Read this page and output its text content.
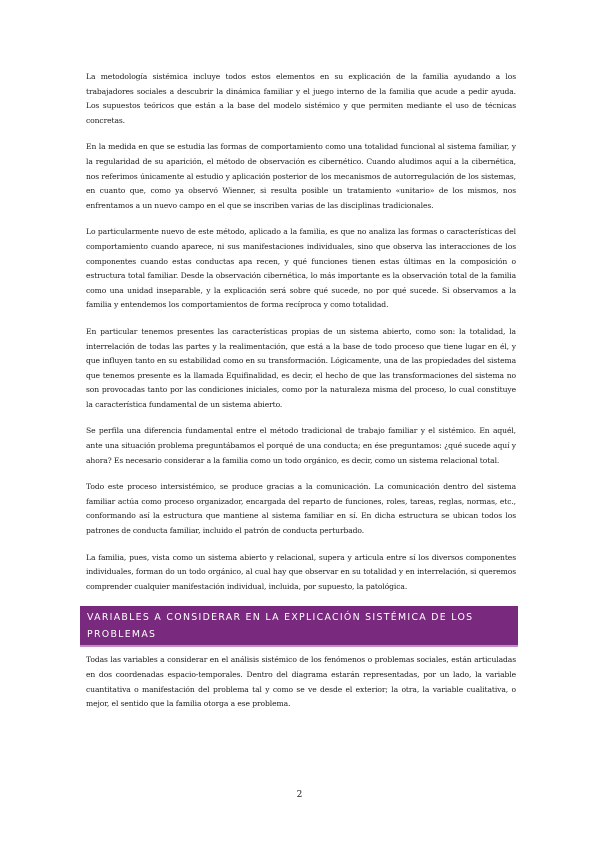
La metodología sistémica incluye todos estos elementos en su explicación de la familia ayudando a los trabajadores sociales a descubrir la dinámica familiar y el juego interno de la familia que acude a pedir ayuda. Los supuestos teóricos que están a la base del modelo sistémico y que permiten mediante el uso de técnicas concretas.

En la medida en que se estudia las formas de comportamiento como una totalidad funcional al sistema familiar, y la regularidad de su aparición, el método de observación es cibernético. Cuando aludimos aquí a la cibernética, nos referimos únicamente al estudio y aplicación posterior de los mecanismos de autorregulación de los sistemas, en cuanto que, como ya observó Wienner, si resulta posible un tratamiento «unitario» de los mismos, nos enfrentamos a un nuevo campo en el que se inscriben varias de las disciplinas tradicionales.

Lo particularmente nuevo de este método, aplicado a la familia, es que no analiza las formas o características del comportamiento cuando aparece, ni sus manifestaciones individuales, sino que observa las interacciones de los componentes cuando estas conductas apa recen, y qué funciones tienen estas últimas en la composición o estructura total familiar. Desde la observación cibernética, lo más importante es la observación total de la familia como una unidad inseparable, y la explicación será sobre qué sucede, no por qué sucede. Si observamos a la familia y entendemos los comportamientos de forma recíproca y como totalidad.

En particular tenemos presentes las características propias de un sistema abierto, como son: la totalidad, la interrelación de todas las partes y la realimentación, que está a la base de todo proceso que tiene lugar en él, y que influyen tanto en su estabilidad como en su transformación. Lógicamente, una de las propiedades del sistema que tenemos presente es la llamada Equifinalidad, es decir, el hecho de que las transformaciones del sistema no son provocadas tanto por las condiciones iniciales, como por la naturaleza misma del proceso, lo cual constituye la característica fundamental de un sistema abierto.

Se perfila una diferencia fundamental entre el método tradicional de trabajo familiar y el sistémico. En aquél, ante una situación problema preguntábamos el porqué de una conducta; en ése preguntamos: ¿qué sucede aquí y ahora? Es necesario considerar a la familia como un todo orgánico, es decir, como un sistema relacional total.

Todo este proceso intersistémico, se produce gracias a la comunicación. La comunicación dentro del sistema familiar actúa como proceso organizador, encargada del reparto de funciones, roles, tareas, reglas, normas, etc., conformando así la estructura que mantiene al sistema familiar en sí. En dicha estructura se ubican todos los patrones de conducta familiar, incluido el patrón de conducta perturbado.

La familia, pues, vista como un sistema abierto y relacional, supera y articula entre sí los diversos componentes individuales, forman do un todo orgánico, al cual hay que observar en su totalidad y en interrelación, si queremos comprender cualquier manifestación individual, incluida, por supuesto, la patológica.

VARIABLES A CONSIDERAR EN LA EXPLICACIÓN SISTÉMICA DE LOS PROBLEMAS

Todas las variables a considerar en el análisis sistémico de los fenómenos o problemas sociales, están articuladas en dos coordenadas espacio-temporales. Dentro del diagrama estarán representadas, por un lado, la variable cuantitativa o manifestación del problema tal y como se ve desde el exterior; la otra, la variable cualitativa, o mejor, el sentido que la familia otorga a ese problema.

2
